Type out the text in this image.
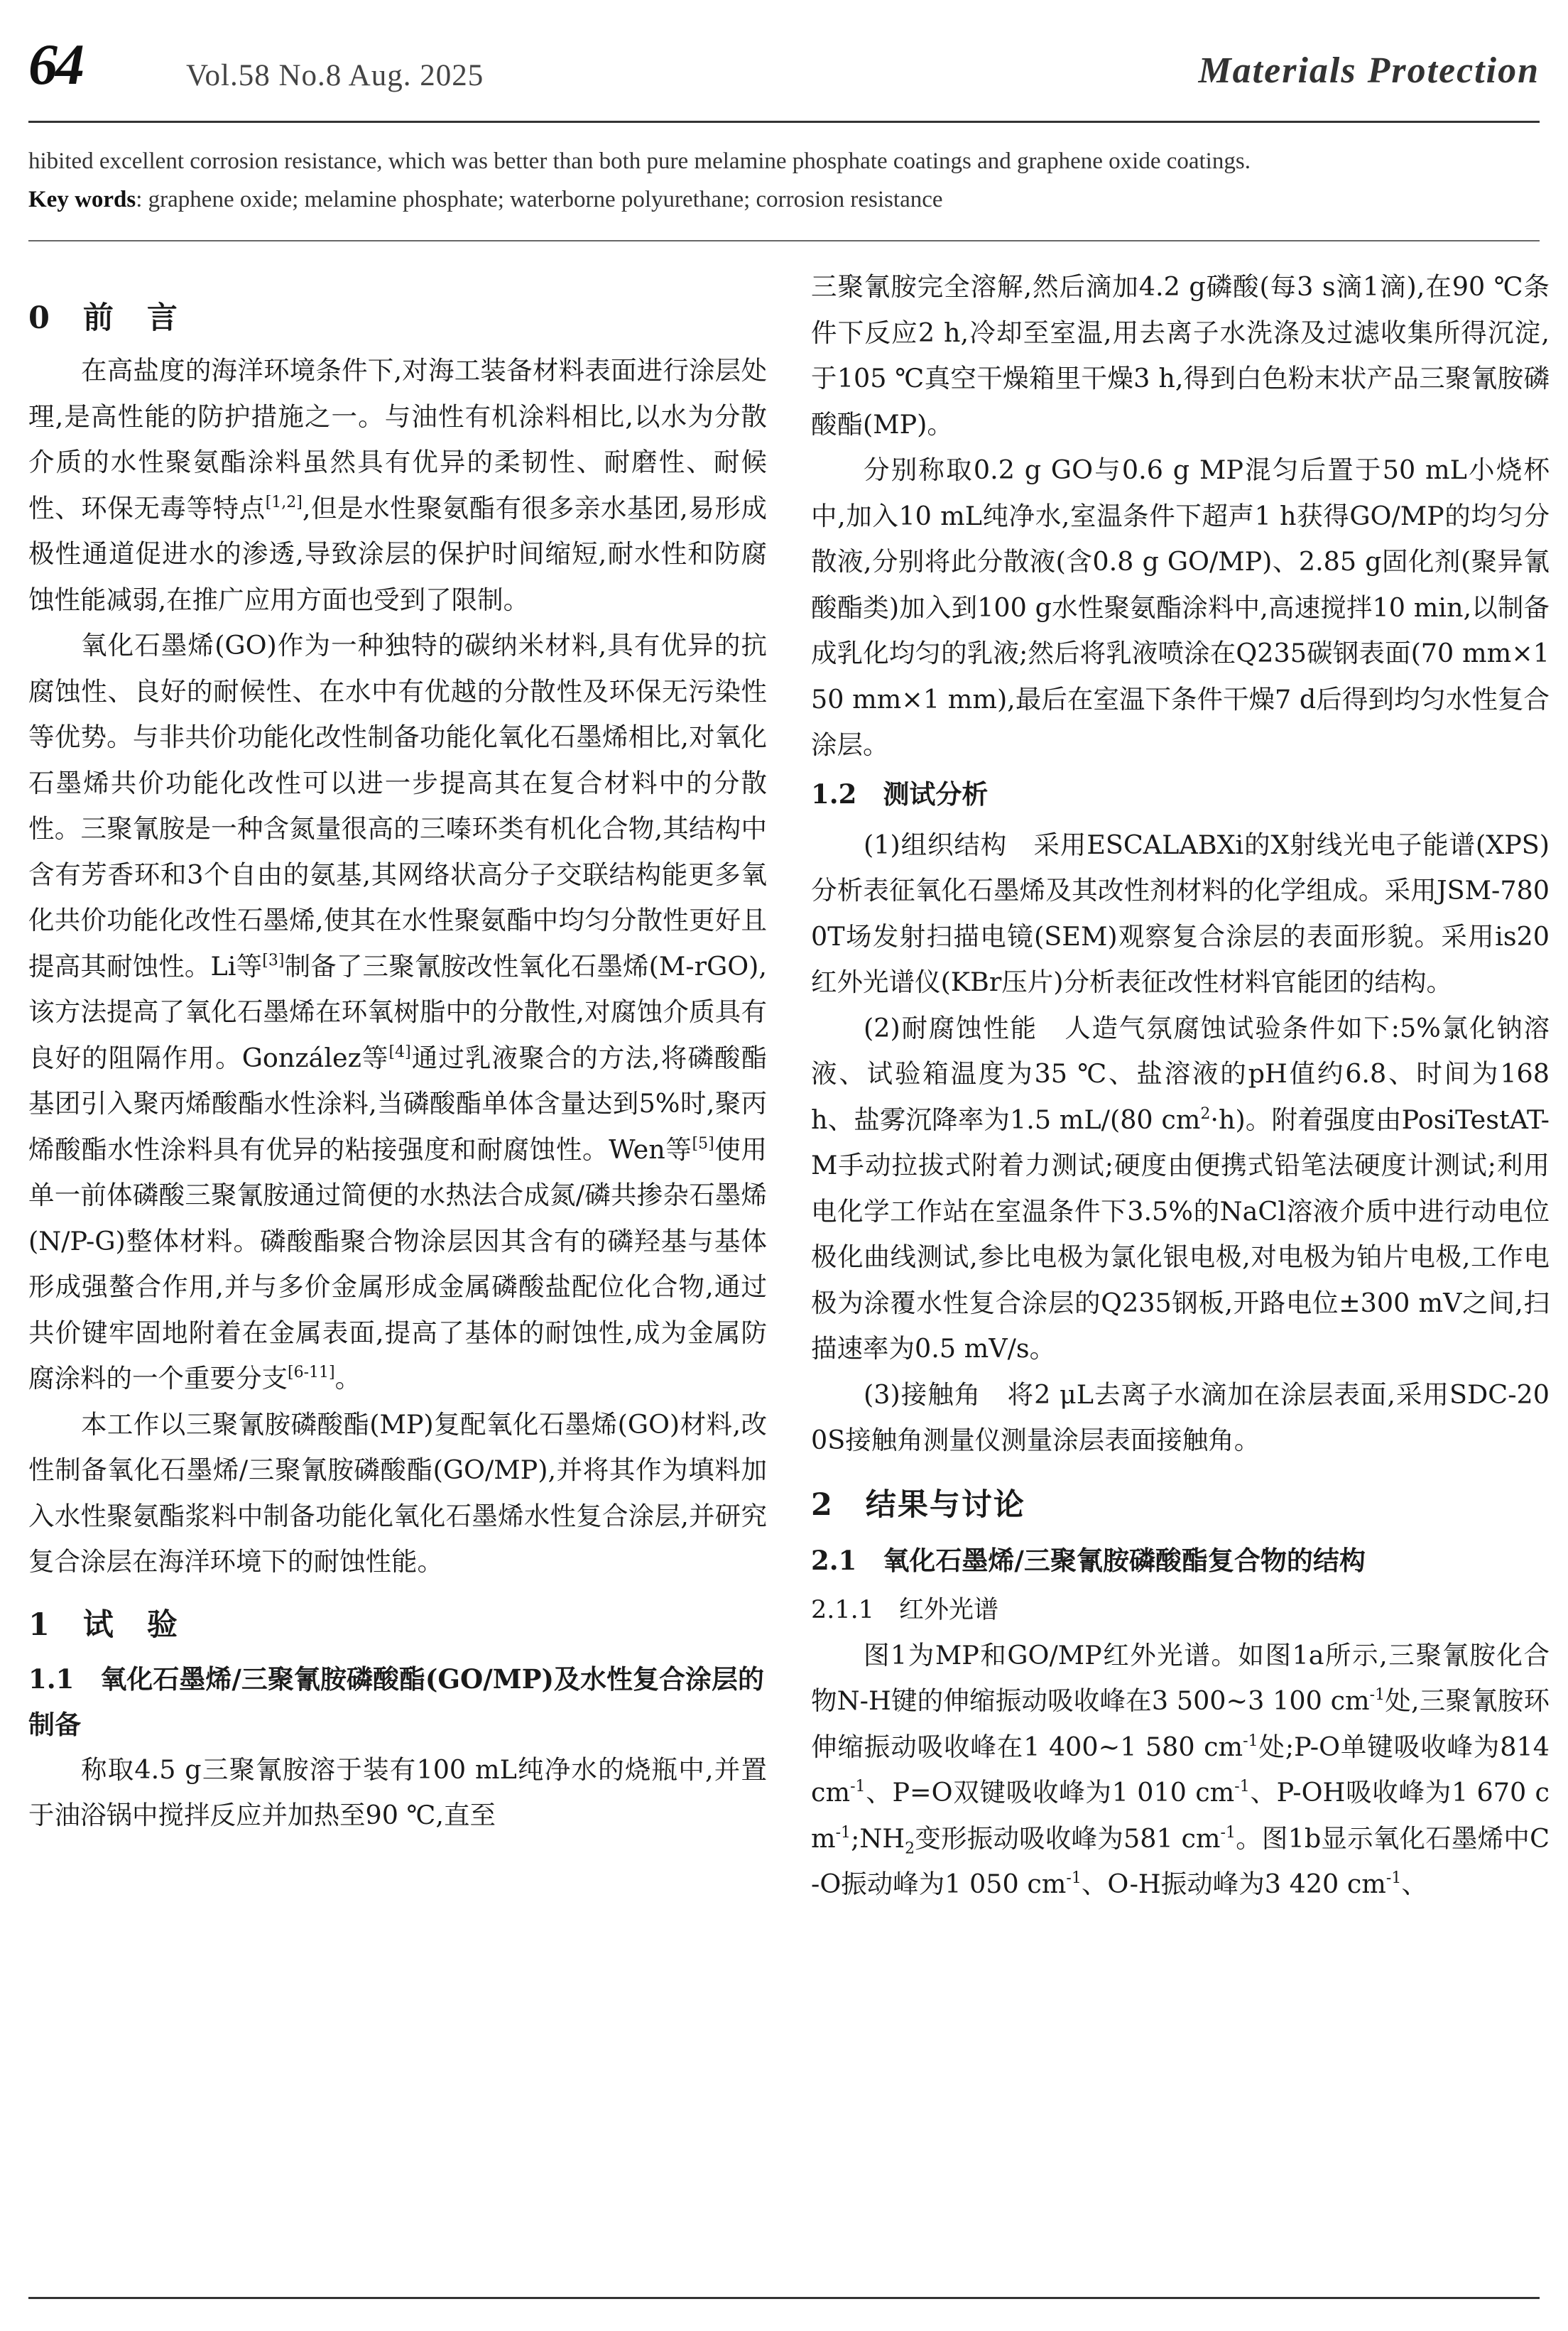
64	Vol.58 No.8 Aug. 2025	Materials Protection
hibited excellent corrosion resistance, which was better than both pure melamine phosphate coatings and graphene oxide coatings.
Key words: graphene oxide; melamine phosphate; waterborne polyurethane; corrosion resistance
0　前　言

在高盐度的海洋环境条件下,对海工装备材料表面进行涂层处理,是高性能的防护措施之一。与油性有机涂料相比,以水为分散介质的水性聚氨酯涂料虽然具有优异的柔韧性、耐磨性、耐候性、环保无毒等特点[1,2],但是水性聚氨酯有很多亲水基团,易形成极性通道促进水的渗透,导致涂层的保护时间缩短,耐水性和防腐蚀性能减弱,在推广应用方面也受到了限制。

氧化石墨烯(GO)作为一种独特的碳纳米材料,具有优异的抗腐蚀性、良好的耐候性、在水中有优越的分散性及环保无污染性等优势。与非共价功能化改性制备功能化氧化石墨烯相比,对氧化石墨烯共价功能化改性可以进一步提高其在复合材料中的分散性。三聚氰胺是一种含氮量很高的三嗪环类有机化合物,其结构中含有芳香环和3个自由的氨基,其网络状高分子交联结构能更多氧化共价功能化改性石墨烯,使其在水性聚氨酯中均匀分散性更好且提高其耐蚀性。Li等[3]制备了三聚氰胺改性氧化石墨烯(M-rGO),该方法提高了氧化石墨烯在环氧树脂中的分散性,对腐蚀介质具有良好的阻隔作用。González等[4]通过乳液聚合的方法,将磷酸酯基团引入聚丙烯酸酯水性涂料,当磷酸酯单体含量达到5%时,聚丙烯酸酯水性涂料具有优异的粘接强度和耐腐蚀性。Wen等[5]使用单一前体磷酸三聚氰胺通过简便的水热法合成氮/磷共掺杂石墨烯(N/P-G)整体材料。磷酸酯聚合物涂层因其含有的磷羟基与基体形成强螯合作用,并与多价金属形成金属磷酸盐配位化合物,通过共价键牢固地附着在金属表面,提高了基体的耐蚀性,成为金属防腐涂料的一个重要分支[6-11]。

本工作以三聚氰胺磷酸酯(MP)复配氧化石墨烯(GO)材料,改性制备氧化石墨烯/三聚氰胺磷酸酯(GO/MP),并将其作为填料加入水性聚氨酯浆料中制备功能化氧化石墨烯水性复合涂层,并研究复合涂层在海洋环境下的耐蚀性能。

1　试　验
1.1　氧化石墨烯/三聚氰胺磷酸酯(GO/MP)及水性复合涂层的制备

称取4.5 g三聚氰胺溶于装有100 mL纯净水的烧瓶中,并置于油浴锅中搅拌反应并加热至90 ℃,直至

三聚氰胺完全溶解,然后滴加4.2 g磷酸(每3 s滴1滴),在90 ℃条件下反应2 h,冷却至室温,用去离子水洗涤及过滤收集所得沉淀,于105 ℃真空干燥箱里干燥3 h,得到白色粉末状产品三聚氰胺磷酸酯(MP)。

分别称取0.2 g GO与0.6 g MP混匀后置于50 mL小烧杯中,加入10 mL纯净水,室温条件下超声1 h获得GO/MP的均匀分散液,分别将此分散液(含0.8 g GO/MP)、2.85 g固化剂(聚异氰酸酯类)加入到100 g水性聚氨酯涂料中,高速搅拌10 min,以制备成乳化均匀的乳液;然后将乳液喷涂在Q235碳钢表面(70 mm×150 mm×1 mm),最后在室温下条件干燥7 d后得到均匀水性复合涂层。

1.2　测试分析

(1)组织结构　采用ESCALABXi的X射线光电子能谱(XPS)分析表征氧化石墨烯及其改性剂材料的化学组成。采用JSM-7800T场发射扫描电镜(SEM)观察复合涂层的表面形貌。采用is20红外光谱仪(KBr压片)分析表征改性材料官能团的结构。

(2)耐腐蚀性能　人造气氛腐蚀试验条件如下:5%氯化钠溶液、试验箱温度为35 ℃、盐溶液的pH值约6.8、时间为168 h、盐雾沉降率为1.5 mL/(80 $cm^2\cdot h$)。附着强度由PosiTestAT-M手动拉拔式附着力测试;硬度由便携式铅笔法硬度计测试;利用电化学工作站在室温条件下3.5%的NaCl溶液介质中进行动电位极化曲线测试,参比电极为氯化银电极,对电极为铂片电极,工作电极为涂覆水性复合涂层的Q235钢板,开路电位±300 mV之间,扫描速率为0.5 mV/s。

(3)接触角　将2 μL去离子水滴加在涂层表面,采用SDC-200S接触角测量仪测量涂层表面接触角。

2　结果与讨论
2.1　氧化石墨烯/三聚氰胺磷酸酯复合物的结构
2.1.1　红外光谱

图1为MP和GO/MP红外光谱。如图1a所示,三聚氰胺化合物N-H键的伸缩振动吸收峰在3 500~3 100 $cm^{-1}$处,三聚氰胺环伸缩振动吸收峰在1 400~1 580 $cm^{-1}$处;P-O单键吸收峰为814 $cm^{-1}$、P=O双键吸收峰为1 010 $cm^{-1}$、P-OH吸收峰为1 670 $cm^{-1};NH_2$变形振动吸收峰为581 $cm^{-1}$。图1b显示氧化石墨烯中C-O振动峰为1 050 $cm^{-1}$、O-H振动峰为3 420 $cm^{-1}$、
